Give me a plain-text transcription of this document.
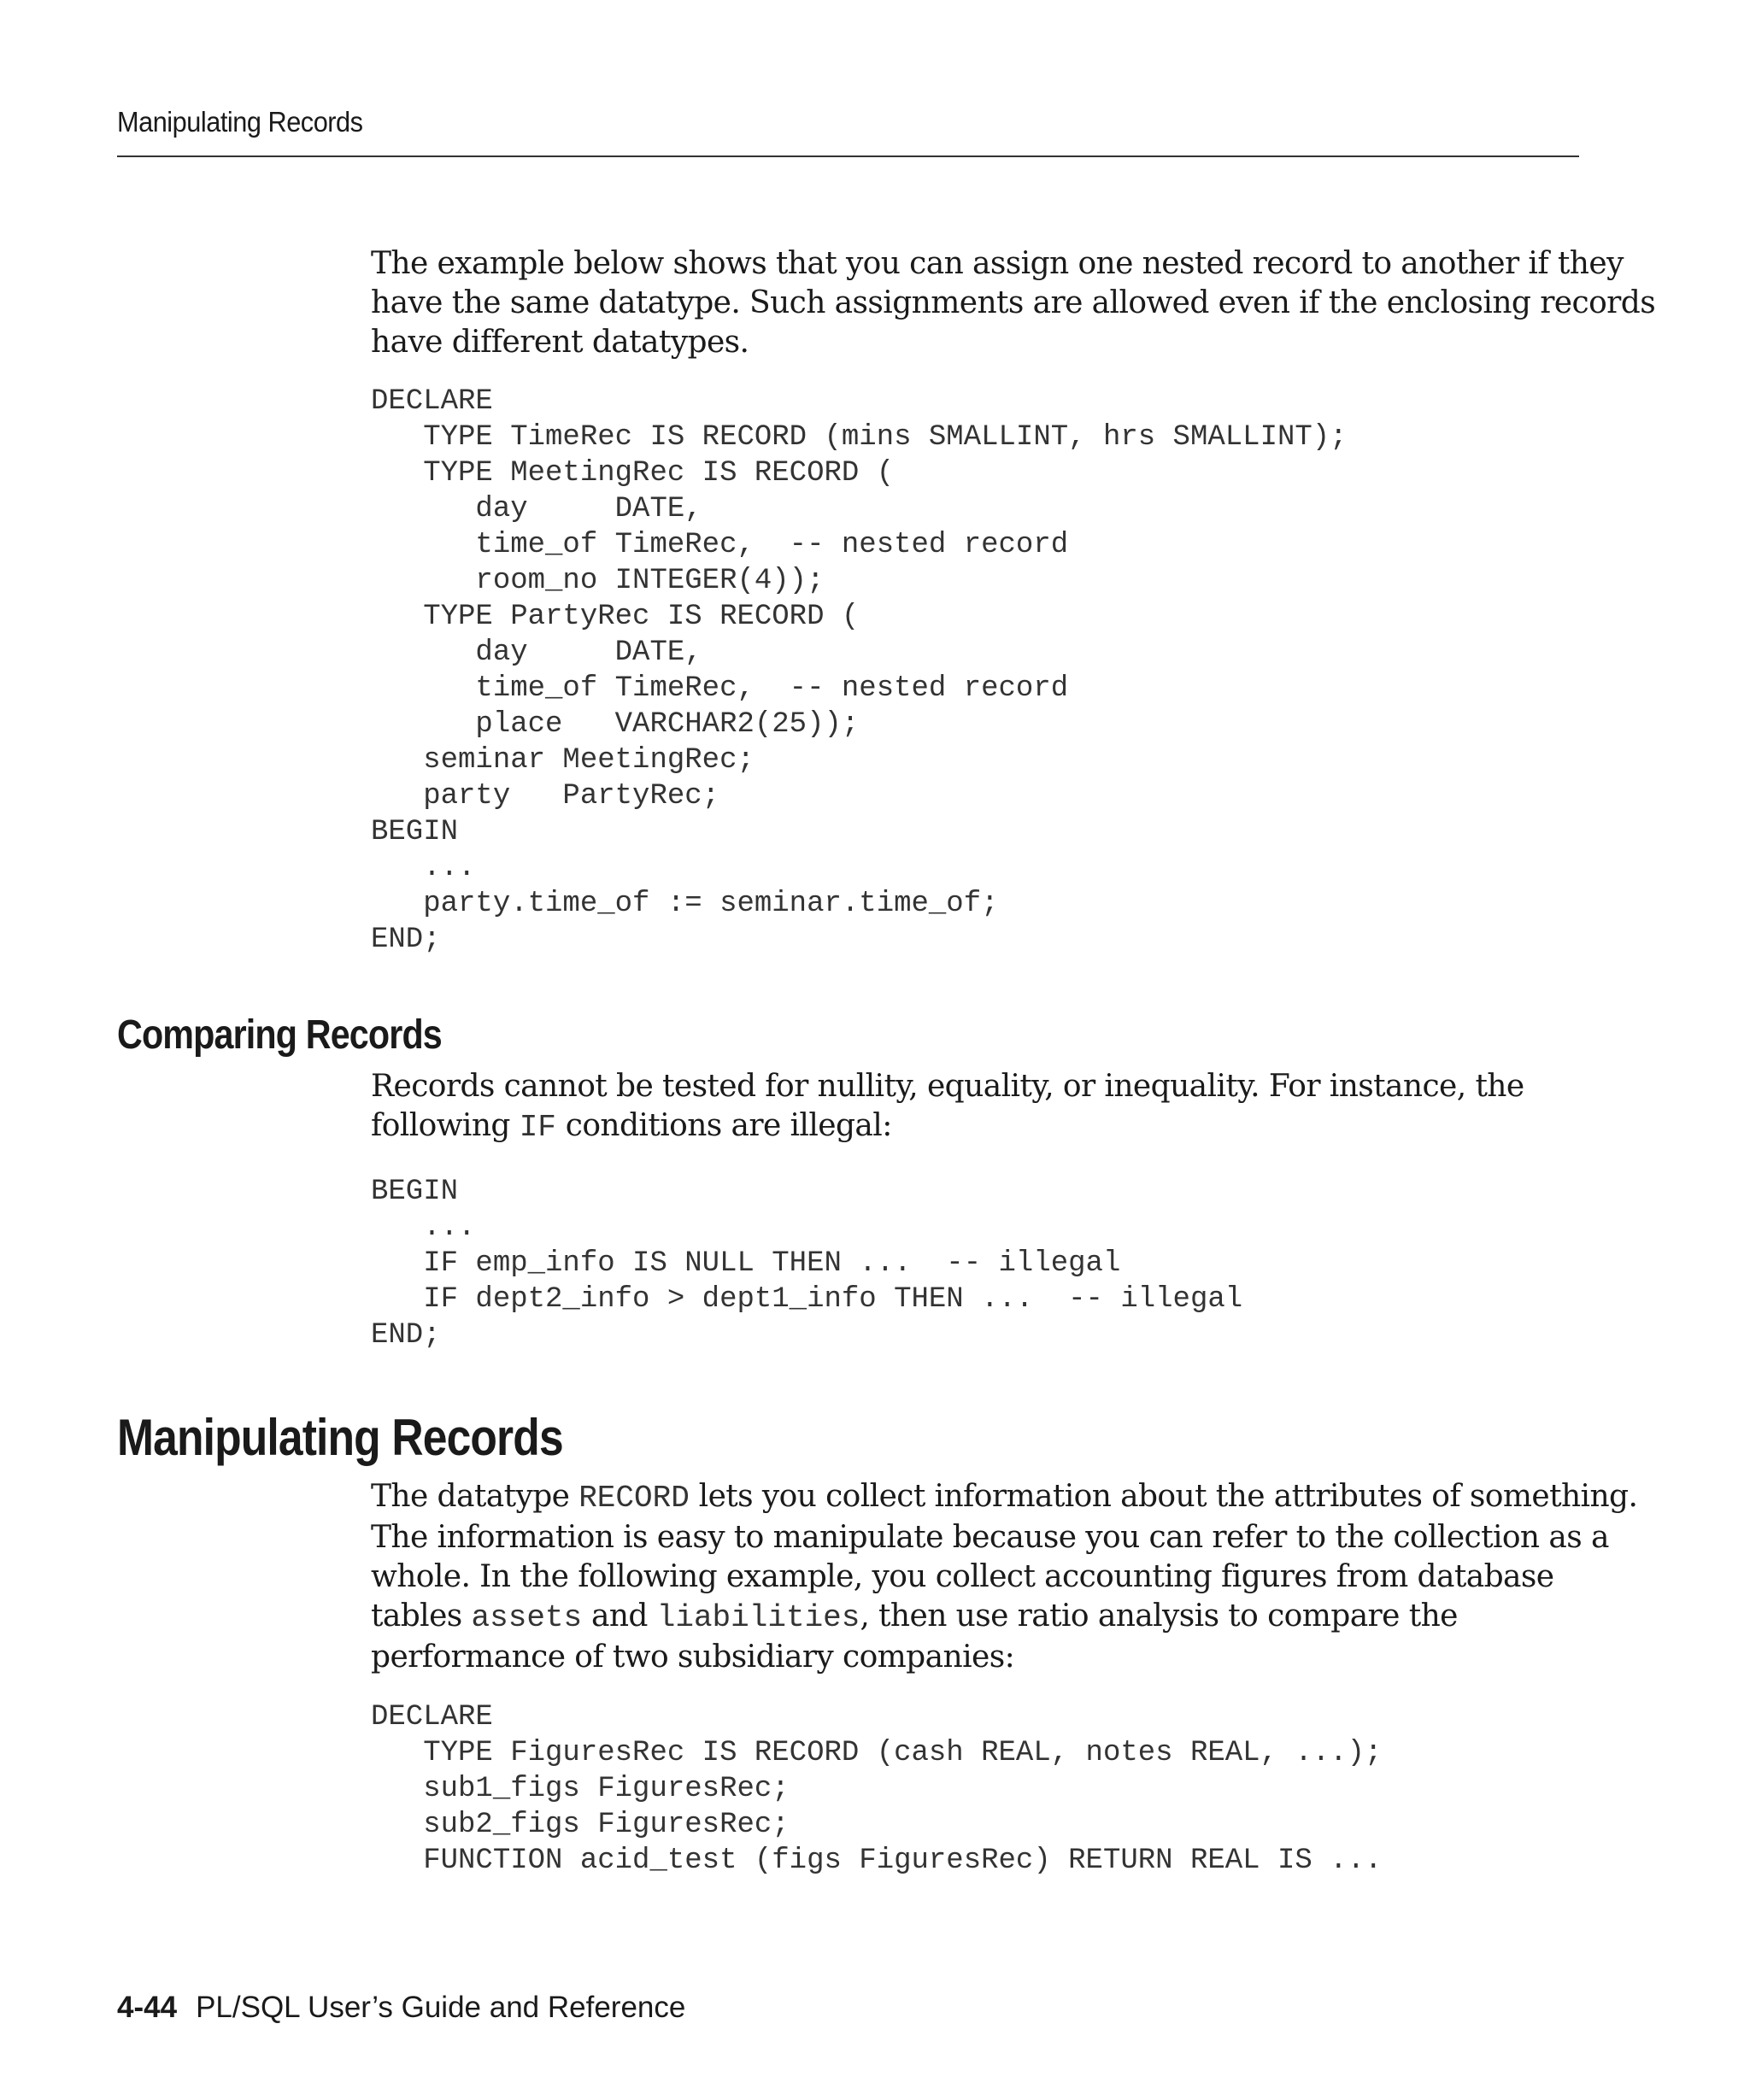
Manipulating Records

The example below shows that you can assign one nested record to another if they
have the same datatype. Such assignments are allowed even if the enclosing records
have different datatypes.

DECLARE
TYPE TimeRec IS RECORD (mins SMALLINT, hrs SMALLINT);
TYPE MeetingRec IS RECORD (
day     DATE,
time_of TimeRec,  -- nested record
room_no INTEGER(4));
TYPE PartyRec IS RECORD (
day     DATE,
time_of TimeRec,  -- nested record
place   VARCHAR2(25));
seminar MeetingRec;
party   PartyRec;
BEGIN
...
party.time_of := seminar.time_of;
END;
Comparing Records

Records cannot be tested for nullity, equality, or inequality. For instance, the
following IF conditions are illegal:

BEGIN
...
IF emp_info IS NULL THEN ...  -- illegal
IF dept2_info > dept1_info THEN ...  -- illegal
END;
Manipulating Records

The datatype RECORD lets you collect information about the attributes of something.
The information is easy to manipulate because you can refer to the collection as a
whole. In the following example, you collect accounting figures from database
tables assets and liabilities, then use ratio analysis to compare the
performance of two subsidiary companies:

DECLARE
TYPE FiguresRec IS RECORD (cash REAL, notes REAL, ...);
sub1_figs FiguresRec;
sub2_figs FiguresRec;
FUNCTION acid_test (figs FiguresRec) RETURN REAL IS ...
4-44 PL/SQL User’s Guide and Reference
